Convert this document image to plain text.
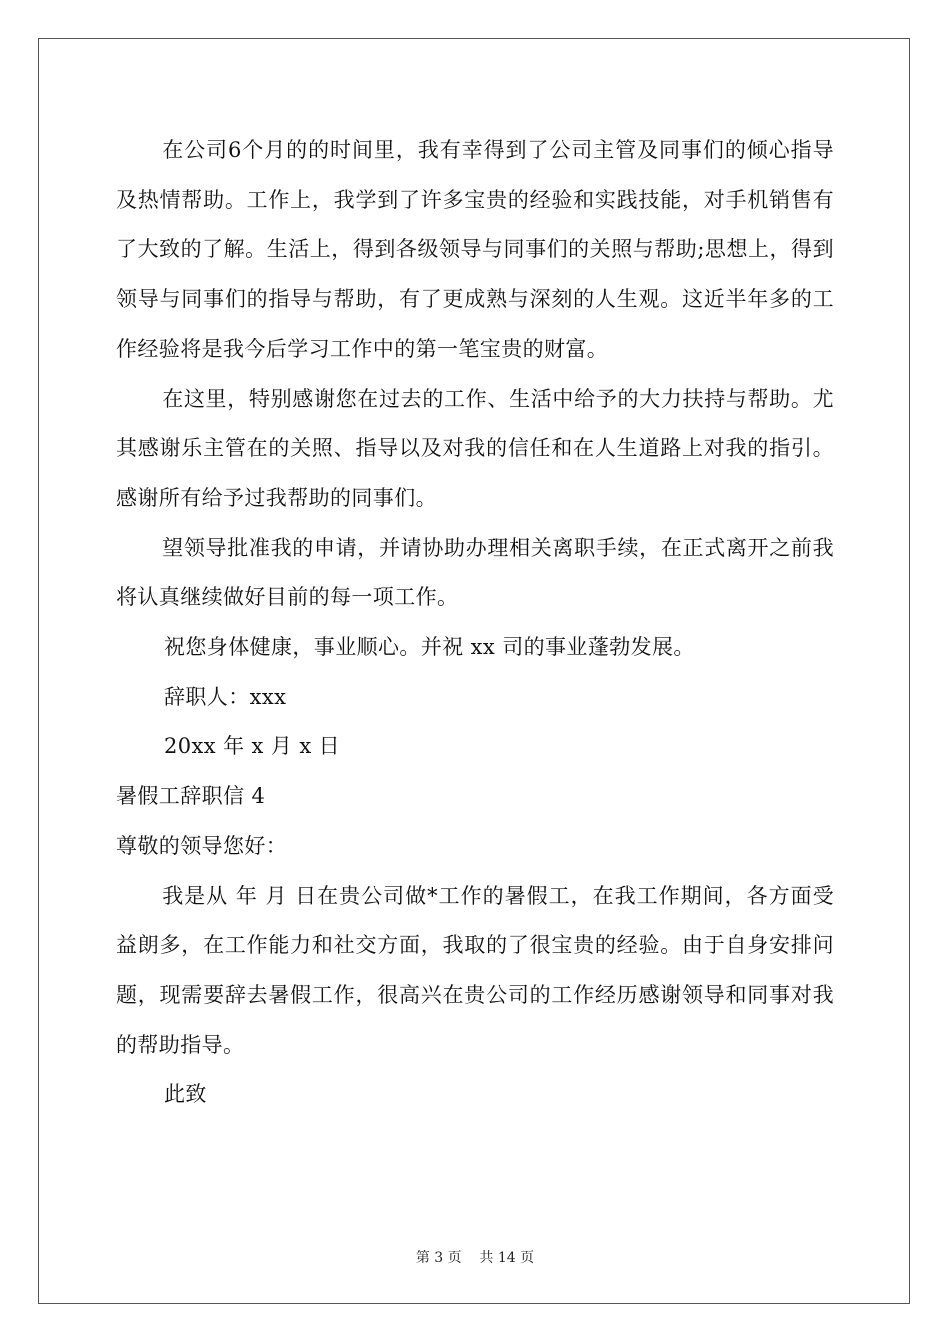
在公司6个月的的时间里，我有幸得到了公司主管及同事们的倾心指导及热情帮助。工作上，我学到了许多宝贵的经验和实践技能，对手机销售有了大致的了解。生活上，得到各级领导与同事们的关照与帮助;思想上，得到领导与同事们的指导与帮助，有了更成熟与深刻的人生观。这近半年多的工作经验将是我今后学习工作中的第一笔宝贵的财富。

在这里，特别感谢您在过去的工作、生活中给予的大力扶持与帮助。尤其感谢乐主管在的关照、指导以及对我的信任和在人生道路上对我的指引。感谢所有给予过我帮助的同事们。

望领导批准我的申请，并请协助办理相关离职手续，在正式离开之前我将认真继续做好目前的每一项工作。

祝您身体健康，事业顺心。并祝 xx 司的事业蓬勃发展。

辞职人：xxx

20xx 年 x 月 x 日

暑假工辞职信 4

尊敬的领导您好：

我是从 年 月 日在贵公司做*工作的暑假工，在我工作期间，各方面受益朗多，在工作能力和社交方面，我取的了很宝贵的经验。由于自身安排问题，现需要辞去暑假工作，很高兴在贵公司的工作经历感谢领导和同事对我的帮助指导。

此致

第 3 页    共 14 页
